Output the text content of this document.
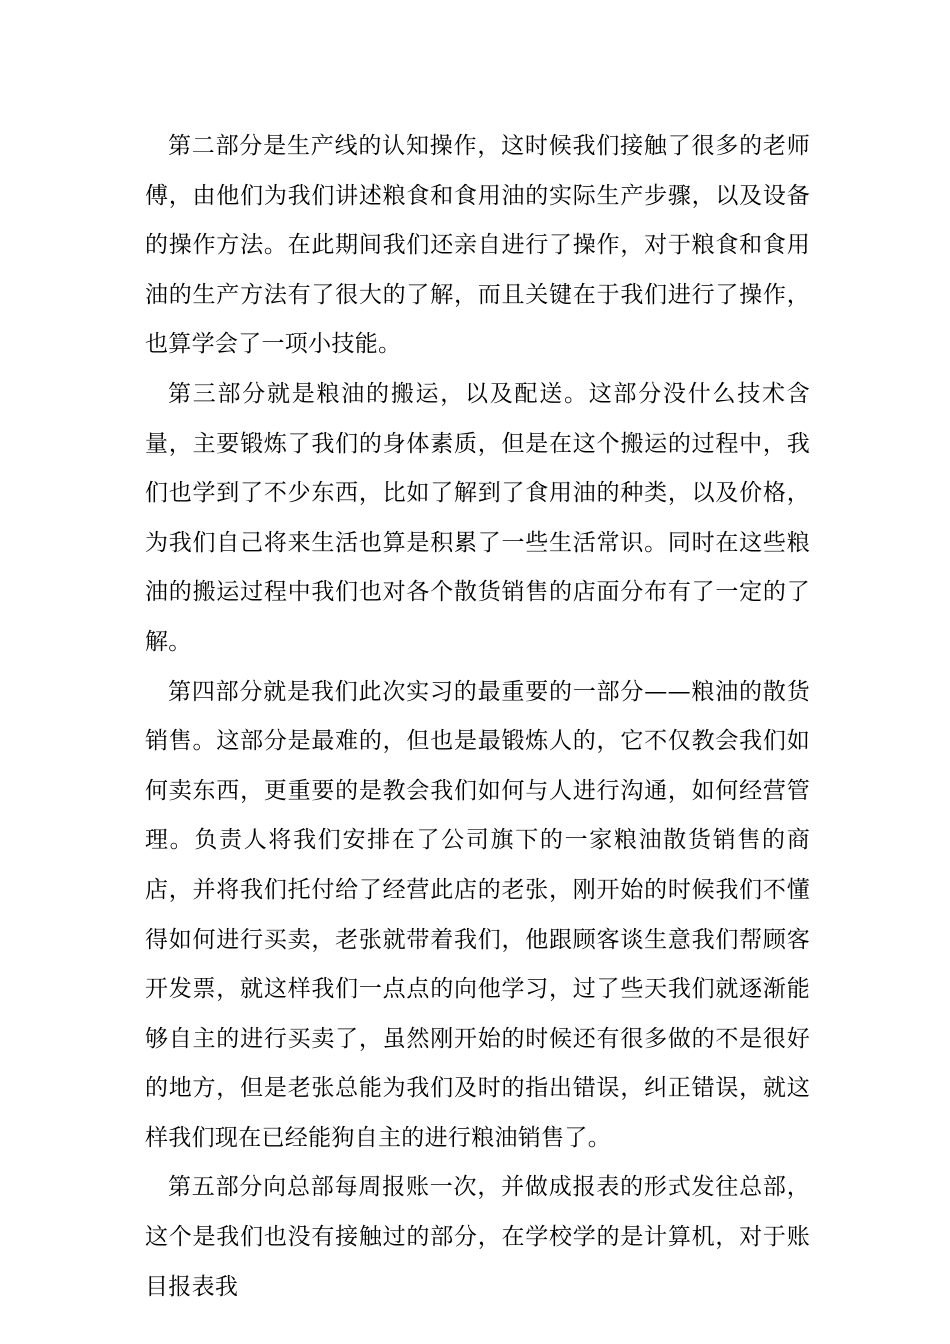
第二部分是生产线的认知操作，这时候我们接触了很多的老师傅，由他们为我们讲述粮食和食用油的实际生产步骤，以及设备的操作方法。在此期间我们还亲自进行了操作，对于粮食和食用油的生产方法有了很大的了解，而且关键在于我们进行了操作，也算学会了一项小技能。

第三部分就是粮油的搬运，以及配送。这部分没什么技术含量，主要锻炼了我们的身体素质，但是在这个搬运的过程中，我们也学到了不少东西，比如了解到了食用油的种类，以及价格，为我们自己将来生活也算是积累了一些生活常识。同时在这些粮油的搬运过程中我们也对各个散货销售的店面分布有了一定的了解。

第四部分就是我们此次实习的最重要的一部分——粮油的散货销售。这部分是最难的，但也是最锻炼人的，它不仅教会我们如何卖东西，更重要的是教会我们如何与人进行沟通，如何经营管理。负责人将我们安排在了公司旗下的一家粮油散货销售的商店，并将我们托付给了经营此店的老张，刚开始的时候我们不懂得如何进行买卖，老张就带着我们，他跟顾客谈生意我们帮顾客开发票，就这样我们一点点的向他学习，过了些天我们就逐渐能够自主的进行买卖了，虽然刚开始的时候还有很多做的不是很好的地方，但是老张总能为我们及时的指出错误，纠正错误，就这样我们现在已经能狗自主的进行粮油销售了。

第五部分向总部每周报账一次，并做成报表的形式发往总部，这个是我们也没有接触过的部分，在学校学的是计算机，对于账目报表我
